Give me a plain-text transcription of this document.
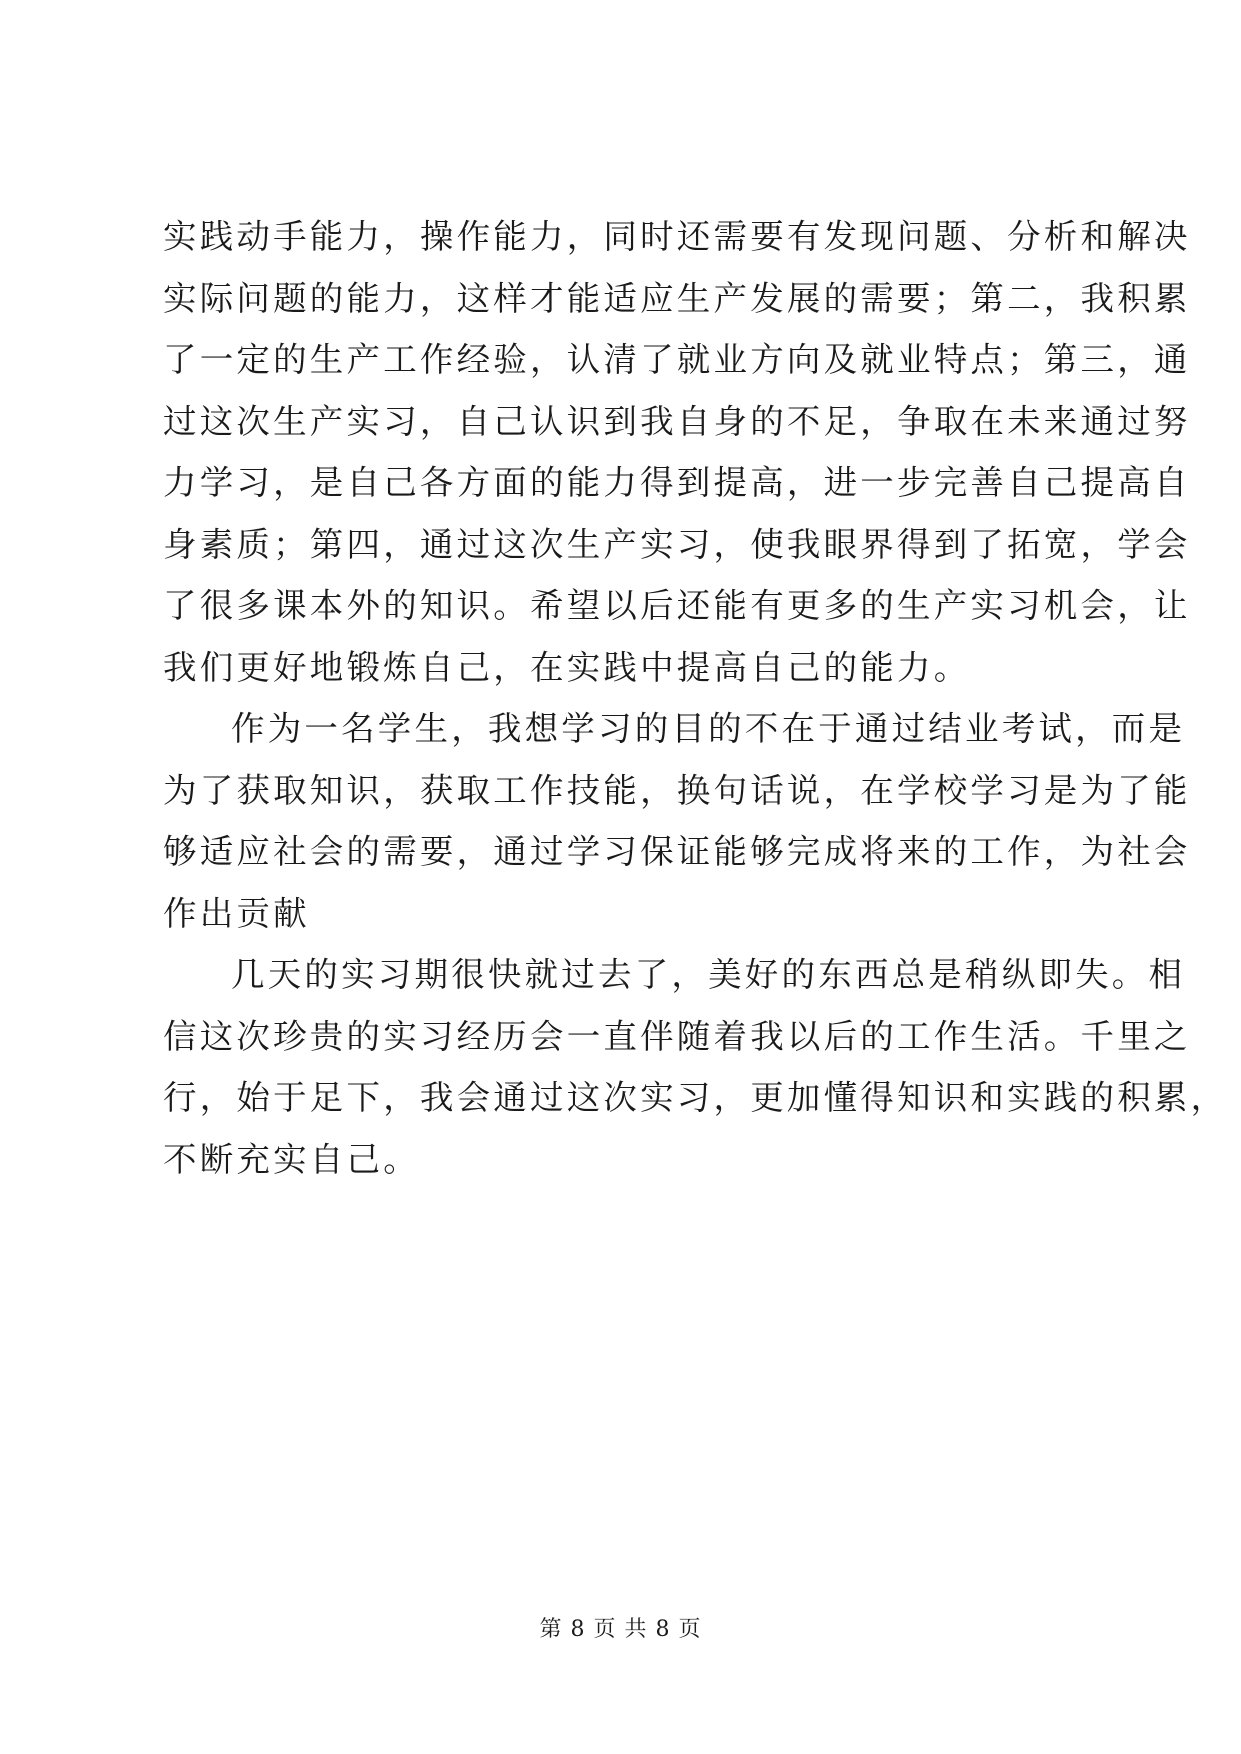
实践动手能力，操作能力，同时还需要有发现问题、分析和解决
实际问题的能力，这样才能适应生产发展的需要；第二，我积累
了一定的生产工作经验，认清了就业方向及就业特点；第三，通
过这次生产实习，自己认识到我自身的不足，争取在未来通过努
力学习，是自己各方面的能力得到提高，进一步完善自己提高自
身素质；第四，通过这次生产实习，使我眼界得到了拓宽，学会
了很多课本外的知识。希望以后还能有更多的生产实习机会，让
我们更好地锻炼自己，在实践中提高自己的能力。

作为一名学生，我想学习的目的不在于通过结业考试，而是
为了获取知识，获取工作技能，换句话说，在学校学习是为了能
够适应社会的需要，通过学习保证能够完成将来的工作，为社会
作出贡献

几天的实习期很快就过去了，美好的东西总是稍纵即失。相
信这次珍贵的实习经历会一直伴随着我以后的工作生活。千里之
行，始于足下，我会通过这次实习，更加懂得知识和实践的积累，
不断充实自己。

第 8 页 共 8 页
